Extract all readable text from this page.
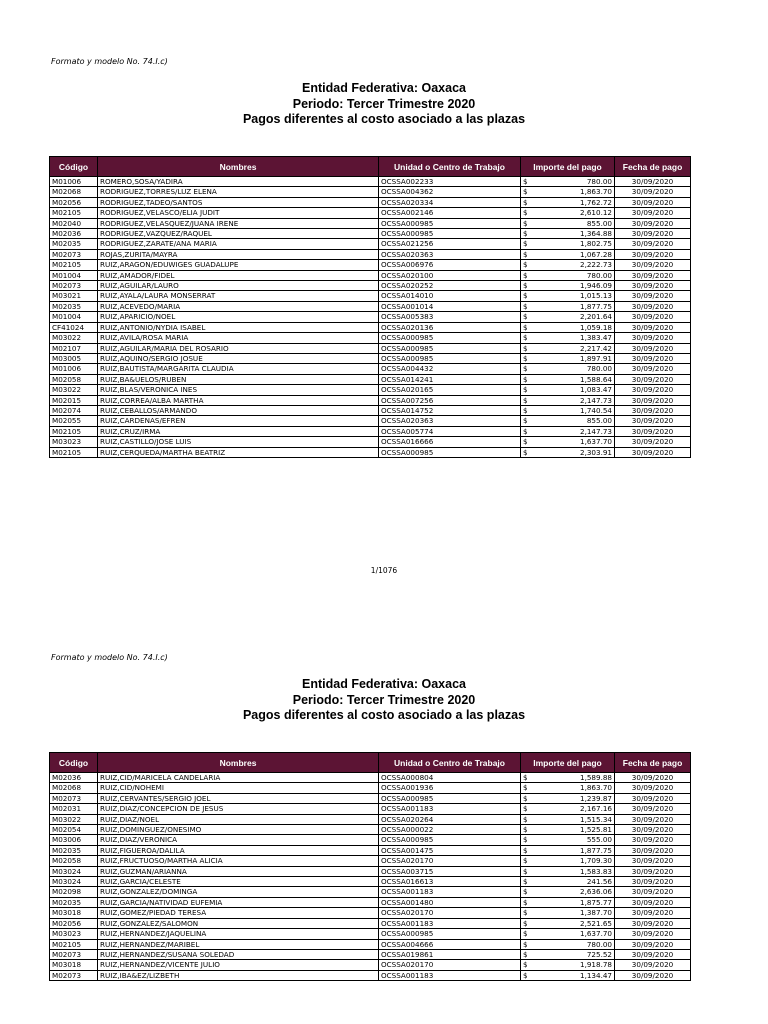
Formato y modelo No. 74.I.c)
Entidad Federativa: Oaxaca
Periodo: Tercer Trimestre 2020
Pagos diferentes al costo asociado a las plazas
Código	Nombres	Unidad o Centro de Trabajo	Importe del pago		Fecha de pago
M01006	ROMERO,SOSA/YADIRA	OCSSA002233	$	780.00	30/09/2020
M02068	RODRIGUEZ,TORRES/LUZ ELENA	OCSSA004362	$	1,863.70	30/09/2020
M02056	RODRIGUEZ,TADEO/SANTOS	OCSSA020334	$	1,762.72	30/09/2020
M02105	RODRIGUEZ,VELASCO/ELIA JUDIT	OCSSA002146	$	2,610.12	30/09/2020
M02040	RODRIGUEZ,VELASQUEZ/JUANA IRENE	OCSSA000985	$	855.00	30/09/2020
M02036	RODRIGUEZ,VAZQUEZ/RAQUEL	OCSSA000985	$	1,364.88	30/09/2020
M02035	RODRIGUEZ,ZARATE/ANA MARIA	OCSSA021256	$	1,802.75	30/09/2020
M02073	ROJAS,ZURITA/MAYRA	OCSSA020363	$	1,067.28	30/09/2020
M02105	RUIZ,ARAGON/EDUWIGES GUADALUPE	OCSSA006976	$	2,222.73	30/09/2020
M01004	RUIZ,AMADOR/FIDEL	OCSSA020100	$	780.00	30/09/2020
M02073	RUIZ,AGUILAR/LAURO	OCSSA020252	$	1,946.09	30/09/2020
M03021	RUIZ,AYALA/LAURA MONSERRAT	OCSSA014010	$	1,015.13	30/09/2020
M02035	RUIZ,ACEVEDO/MARIA	OCSSA001014	$	1,877.75	30/09/2020
M01004	RUIZ,APARICIO/NOEL	OCSSA005383	$	2,201.64	30/09/2020
CF41024	RUIZ,ANTONIO/NYDIA ISABEL	OCSSA020136	$	1,059.18	30/09/2020
M03022	RUIZ,AVILA/ROSA MARIA	OCSSA000985	$	1,383.47	30/09/2020
M02107	RUIZ,AGUILAR/MARIA DEL ROSARIO	OCSSA000985	$	2,217.42	30/09/2020
M03005	RUIZ,AQUINO/SERGIO JOSUE	OCSSA000985	$	1,897.91	30/09/2020
M01006	RUIZ,BAUTISTA/MARGARITA CLAUDIA	OCSSA004432	$	780.00	30/09/2020
M02058	RUIZ,BA&UELOS/RUBEN	OCSSA014241	$	1,588.64	30/09/2020
M03022	RUIZ,BLAS/VERONICA INES	OCSSA020165	$	1,083.47	30/09/2020
M02015	RUIZ,CORREA/ALBA MARTHA	OCSSA007256	$	2,147.73	30/09/2020
M02074	RUIZ,CEBALLOS/ARMANDO	OCSSA014752	$	1,740.54	30/09/2020
M02055	RUIZ,CARDENAS/EFREN	OCSSA020363	$	855.00	30/09/2020
M02105	RUIZ,CRUZ/IRMA	OCSSA005774	$	2,147.73	30/09/2020
M03023	RUIZ,CASTILLO/JOSE LUIS	OCSSA016666	$	1,637.70	30/09/2020
M02105	RUIZ,CERQUEDA/MARTHA BEATRIZ	OCSSA000985	$	2,303.91	30/09/2020
1/1076
Formato y modelo No. 74.I.c)
Entidad Federativa: Oaxaca
Periodo: Tercer Trimestre 2020
Pagos diferentes al costo asociado a las plazas
Código	Nombres	Unidad o Centro de Trabajo	Importe del pago		Fecha de pago
M02036	RUIZ,CID/MARICELA CANDELARIA	OCSSA000804	$	1,589.88	30/09/2020
M02068	RUIZ,CID/NOHEMI	OCSSA001936	$	1,863.70	30/09/2020
M02073	RUIZ,CERVANTES/SERGIO JOEL	OCSSA000985	$	1,239.87	30/09/2020
M02031	RUIZ,DIAZ/CONCEPCION DE JESUS	OCSSA001183	$	2,167.16	30/09/2020
M03022	RUIZ,DIAZ/NOEL	OCSSA020264	$	1,515.34	30/09/2020
M02054	RUIZ,DOMINGUEZ/ONESIMO	OCSSA000022	$	1,525.81	30/09/2020
M03006	RUIZ,DIAZ/VERONICA	OCSSA000985	$	555.00	30/09/2020
M02035	RUIZ,FIGUEROA/DALILA	OCSSA001475	$	1,877.75	30/09/2020
M02058	RUIZ,FRUCTUOSO/MARTHA ALICIA	OCSSA020170	$	1,709.30	30/09/2020
M03024	RUIZ,GUZMAN/ARIANNA	OCSSA003715	$	1,583.83	30/09/2020
M03024	RUIZ,GARCIA/CELESTE	OCSSA016613	$	241.56	30/09/2020
M02098	RUIZ,GONZALEZ/DOMINGA	OCSSA001183	$	2,636.06	30/09/2020
M02035	RUIZ,GARCIA/NATIVIDAD EUFEMIA	OCSSA001480	$	1,875.77	30/09/2020
M03018	RUIZ,GOMEZ/PIEDAD TERESA	OCSSA020170	$	1,387.70	30/09/2020
M02056	RUIZ,GONZALEZ/SALOMON	OCSSA001183	$	2,521.65	30/09/2020
M03023	RUIZ,HERNANDEZ/JAQUELINA	OCSSA000985	$	1,637.70	30/09/2020
M02105	RUIZ,HERNANDEZ/MARIBEL	OCSSA004666	$	780.00	30/09/2020
M02073	RUIZ,HERNANDEZ/SUSANA SOLEDAD	OCSSA019861	$	725.52	30/09/2020
M03018	RUIZ,HERNANDEZ/VICENTE JULIO	OCSSA020170	$	1,918.78	30/09/2020
M02073	RUIZ,IBA&EZ/LIZBETH	OCSSA001183	$	1,134.47	30/09/2020
